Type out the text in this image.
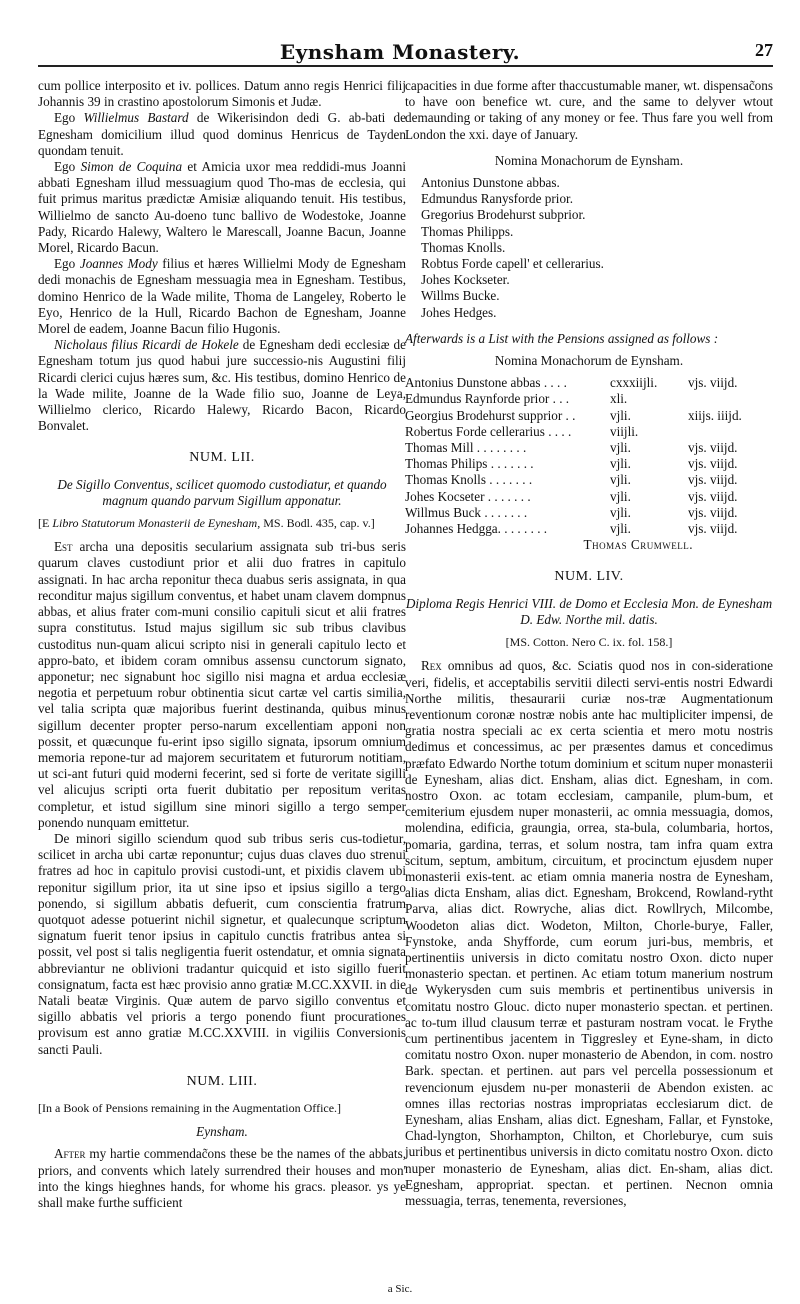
Eynsham Monastery.	27

cum pollice interposito et iv. pollices. Datum anno regis Henrici filij Johannis 39 in crastino apostolorum Simonis et Judæ.

Ego Willielmus Bastard de Wikerisindon dedi G. ab-bati de Egnesham domicilium illud quod dominus Henricus de Tayden quondam tenuit.

Ego Simon de Coquina et Amicia uxor mea reddidi-mus Joanni abbati Egnesham illud messuagium quod Tho-mas de ecclesia, qui fuit primus maritus prædictæ Amisiæ aliquando tenuit. His testibus, Willielmo de sancto Au-doeno tunc ballivo de Wodestoke, Joanne Pady, Ricardo Halewy, Waltero le Marescall, Joanne Bacun, Joanne Morel, Ricardo Bacun.

Ego Joannes Mody filius et hæres Willielmi Mody de Egnesham dedi monachis de Egnesham messuagia mea in Egnesham. Testibus, domino Henrico de la Wade milite, Thoma de Langeley, Roberto le Eyo, Henrico de la Hull, Ricardo Bachon de Egnesham, Joanne Morel de eadem, Joanne Bacun filio Hugonis.

Nicholaus filius Ricardi de Hokele de Egnesham dedi ecclesiæ de Egnesham totum jus quod habui jure successio-nis Augustini filij Ricardi clerici cujus hæres sum, &c. His testibus, domino Henrico de la Wade milite, Joanne de la Wade filio suo, Joanne de Leya, Willielmo clerico, Ricardo Halewy, Ricardo Bacon, Ricardo Bonvalet.

NUM. LII.

De Sigillo Conventus, scilicet quomodo custodiatur, et quando magnum quando parvum Sigillum apponatur.

[E Libro Statutorum Monasterii de Eynesham, MS. Bodl. 435, cap. v.]

Est archa una depositis secularium assignata sub tri-bus seris quarum claves custodiunt prior et alii duo fratres in capitulo assignati. In hac archa reponitur theca duabus seris assignata, in qua reconditur majus sigillum conventus, et habet unam clavem dompnus abbas, et alius frater com-muni consilio capituli sicut et alii fratres supra constitutus. Istud majus sigillum sic sub tribus clavibus custoditus nun-quam alicui scripto nisi in generali capitulo lecto et appro-bato, et ibidem coram omnibus assensu cunctorum signato, apponetur; nec signabunt hoc sigillo nisi magna et ardua ecclesiæ negotia et perpetuum robur obtinentia sicut cartæ vel cartis similia, vel talia scripta quæ majoribus fuerint destinanda, quibus minus sigillum decenter propter perso-narum excellentiam apponi non possit, et quæcunque fu-erint ipso sigillo signata, ipsorum omnium memoria repone-tur ad majorem securitatem et futurorum notitiam, ut sci-ant futuri quid moderni fecerint, sed si forte de veritate sigilli vel alicujus scripti orta fuerit dubitatio per repositum veritas completur, et istud sigillum sine minori sigillo a tergo semper ponendo nunquam emittetur.

De minori sigillo sciendum quod sub tribus seris cus-todietur, scilicet in archa ubi cartæ reponuntur; cujus duas claves duo strenui fratres ad hoc in capitulo provisi custodi-unt, et pixidis clavem ubi reponitur sigillum prior, ita ut sine ipso et ipsius sigillo a tergo ponendo, si sigillum abbatis defuerit, cum conscientia fratrum quotquot adesse potuerint nichil signetur, et qualecunque scriptum signatum fuerit tenor ipsius in capitulo cunctis fratribus antea si possit, vel post si talis negligentia fuerit ostendatur, et omnia signata abbreviantur ne oblivioni tradantur quicquid et isto sigillo fuerit consignatum, facta est hæc provisio anno gratiæ M.CC.XXVII. in die Natali beatæ Virginis. Quæ autem de parvo sigillo conventus et sigillo abbatis vel prioris a tergo ponendo fiunt procurationes provisum est anno gratiæ M.CC.XXVIII. in vigiliis Conversionis sancti Pauli.

NUM. LIII.

[In a Book of Pensions remaining in the Augmentation Office.]

Eynsham.

After my hartie commendac̃ons these be the names of the abbats, priors, and convents which lately surrendred their houses and mon' into the kings hieghnes hands, for whome his gracs. pleasor. ys ye shall make furthe sufficient

capacities in due forme after thaccustumable maner, wt. dispensac̃ons to have oon benefice wt. cure, and the same to delyver wtout demaunding or taking of any money or fee. Thus fare you well from London the xxi. daye of January.

Nomina Monachorum de Eynsham.

Antonius Dunstone abbas.

Edmundus Ranysforde prior.

Gregorius Brodehurst subprior.

Thomas Philipps.

Thomas Knolls.

Robtus Forde capell' et cellerarius.

Johes Kockseter.

Willms Bucke.

Johes Hedges.

Afterwards is a List with the Pensions assigned as follows :

Nomina Monachorum de Eynsham.

Antonius Dunstone abbas . . . .	cxxxiijli.	vjs. viijd.
Edmundus Raynforde prior . . .	xli.	
Georgius Brodehurst supprior . .	vjli.	xiijs. iiijd.
Robertus Forde cellerarius . . . .	viijli.	
Thomas Mill . . . . . . . .	vjli.	vjs. viijd.
Thomas Philips . . . . . . .	vjli.	vjs. viijd.
Thomas Knolls . . . . . . .	vjli.	vjs. viijd.
Johes Kocseter . . . . . . .	vjli.	vjs. viijd.
Willmus Buck . . . . . . .	vjli.	vjs. viijd.
Johannes Hedgga. . . . . . . .	vjli.	vjs. viijd.

Thomas Crumwell.

NUM. LIV.

Diploma Regis Henrici VIII. de Domo et Ecclesia Mon. de Eynesham D. Edw. Northe mil. datis.

[MS. Cotton. Nero C. ix. fol. 158.]

Rex omnibus ad quos, &c. Sciatis quod nos in con-sideratione veri, fidelis, et acceptabilis servitii dilecti servi-entis nostri Edwardi Northe militis, thesaurarii curiæ nos-træ Augmentationum reventionum coronæ nostræ nobis ante hac multipliciter impensi, de gratia nostra speciali ac ex certa scientia et mero motu nostris dedimus et concessimus, ac per præsentes damus et concedimus præfato Edwardo Northe totum dominium et scitum nuper monasterii de Eynesham, alias dict. Ensham, alias dict. Egnesham, in com. nostro Oxon. ac totam ecclesiam, campanile, plum-bum, et cemiterium ejusdem nuper monasterii, ac omnia messuagia, domos, molendina, edificia, graungia, orrea, sta-bula, columbaria, hortos, pomaria, gardina, terras, et solum nostra, tam infra quam extra scitum, septum, ambitum, circuitum, et procinctum ejusdem nuper monasterii exis-tent. ac etiam omnia maneria nostra de Eynesham, alias dicta Ensham, alias dict. Egnesham, Brokcend, Rowland-rytht Parva, alias dict. Rowryche, alias dict. Rowllrych, Milcombe, Woodeton alias dict. Wodeton, Milton, Chorle-burye, Faller, Fynstoke, anda Shyfforde, cum eorum juri-bus, membris, et pertinentiis universis in dicto comitatu nostro Oxon. dicto nuper monasterio spectan. et pertinen. Ac etiam totum manerium nostrum de Wykerysden cum suis membris et pertinentibus universis in comitatu nostro Glouc. dicto nuper monasterio spectan. et pertinen. ac to-tum illud clausum terræ et pasturam nostram vocat. le Frythe cum pertinentibus jacentem in Tiggresley et Eyne-sham, in dicto comitatu nostro Oxon. nuper monasterio de Abendon, in com. nostro Bark. spectan. et pertinen. aut pars vel percella possessionum et revencionum ejusdem nu-per monasterii de Abendon existen. ac omnes illas rectorias nostras impropriatas ecclesiarum dict. de Eynesham, alias Ensham, alias dict. Egnesham, Fallar, et Fynstoke, Chad-lyngton, Shorhampton, Chilton, et Chorleburye, cum suis juribus et pertinentibus universis in dicto comitatu nostro Oxon. dicto nuper monasterio de Eynesham, alias dict. En-sham, alias dict. Egnesham, appropriat. spectan. et pertinen. Necnon omnia messuagia, terras, tenementa, reversiones,

a Sic.
